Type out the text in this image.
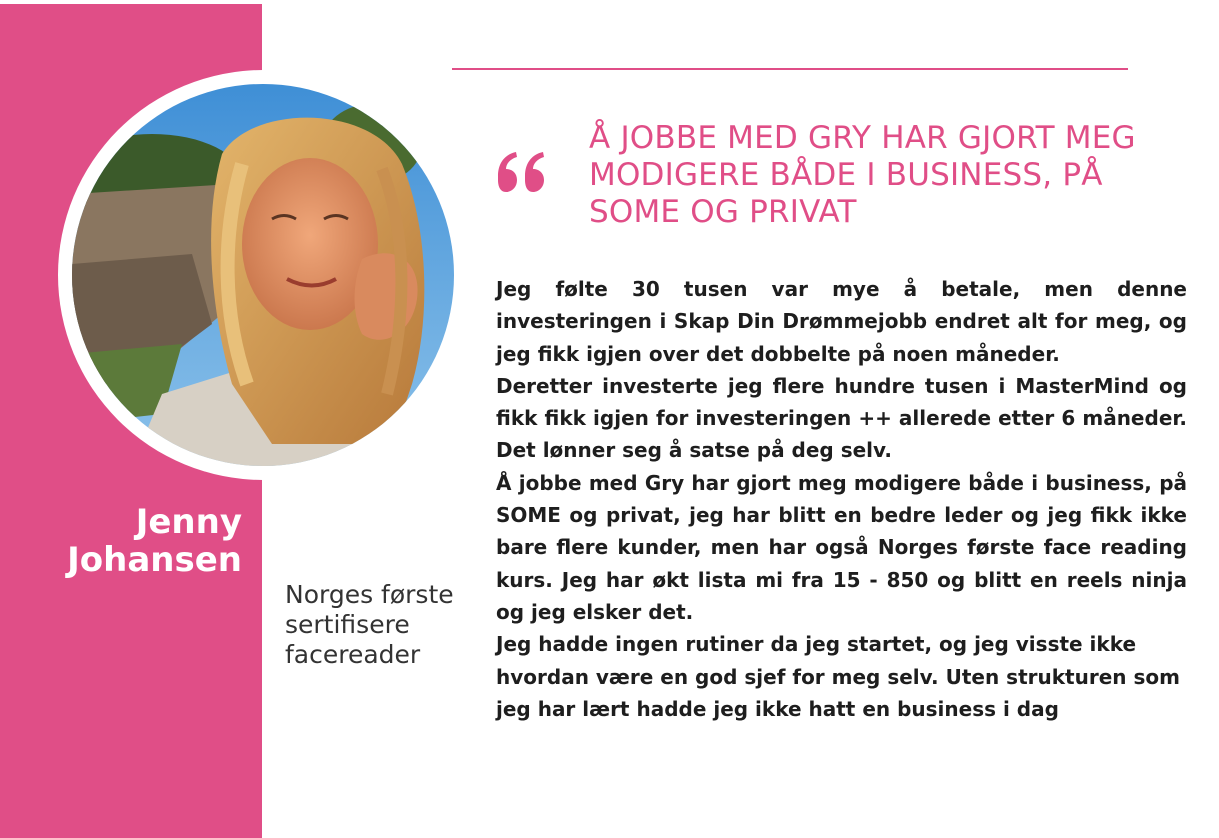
Jenny
Johansen
Norges første sertifisere facereader
Å JOBBE MED GRY HAR GJORT MEG MODIGERE BÅDE I BUSINESS, PÅ SOME OG PRIVAT

Jeg følte 30 tusen var mye å betale, men denne investeringen i Skap Din Drømmejobb endret alt for meg, og jeg fikk igjen over det dobbelte på noen måneder.

Deretter investerte jeg flere hundre tusen i MasterMind og fikk fikk igjen for investeringen ++ allerede etter 6 måneder. Det lønner seg å satse på deg selv.

Å jobbe med Gry har gjort meg modigere både i business, på SOME og privat, jeg har blitt en bedre leder og jeg fikk ikke bare flere kunder, men har også Norges første face reading kurs. Jeg har økt lista mi fra 15 - 850 og blitt en reels ninja og jeg elsker det.

Jeg hadde ingen rutiner da jeg startet, og jeg visste ikke hvordan være en god sjef for meg selv. Uten strukturen som jeg har lært hadde jeg ikke hatt en business i dag
